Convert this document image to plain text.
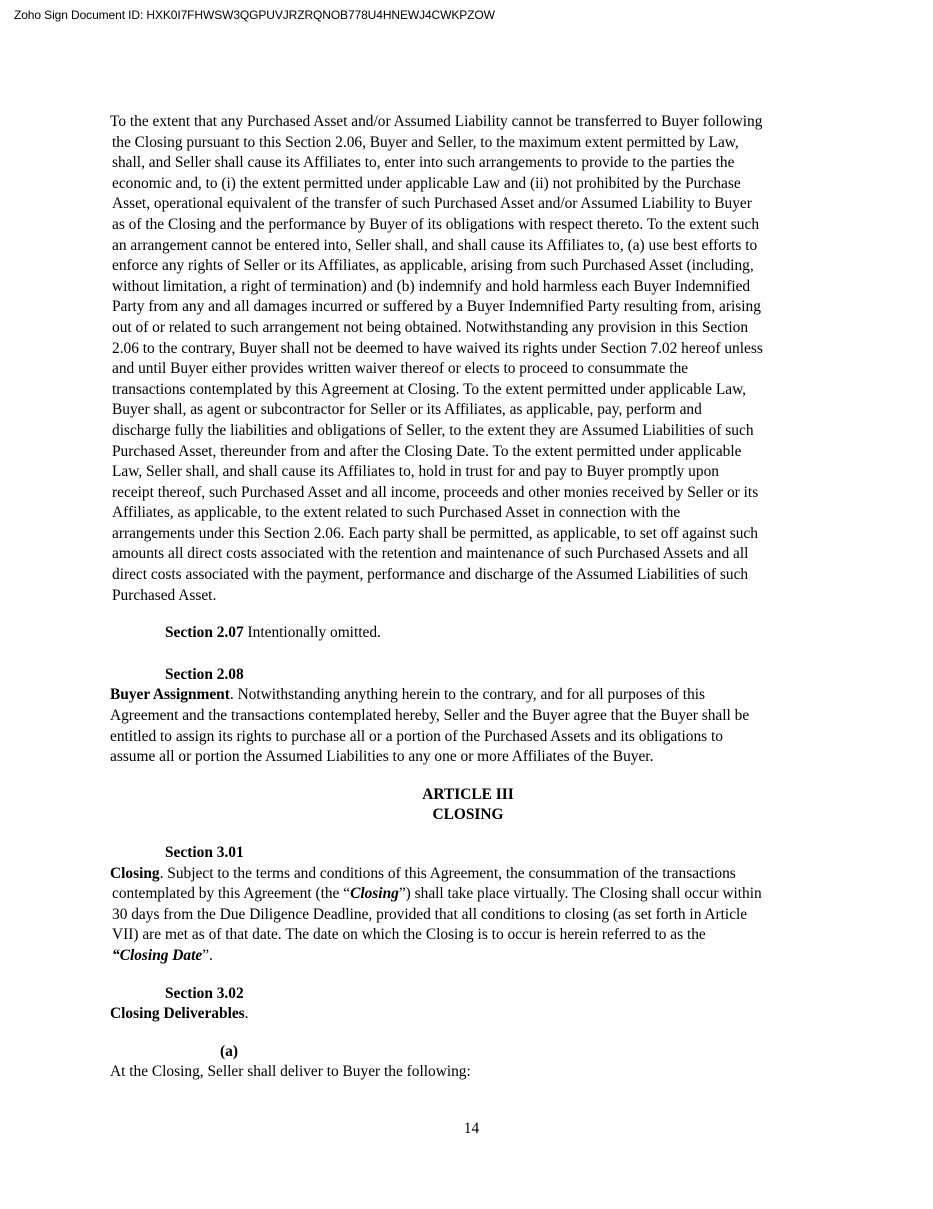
Zoho Sign Document ID: HXK0I7FHWSW3QGPUVJRZRQNOB778U4HNEWJ4CWKPZOW
To the extent that any Purchased Asset and/or Assumed Liability cannot be transferred to Buyer following
the Closing pursuant to this Section 2.06, Buyer and Seller, to the maximum extent permitted by Law,
shall, and Seller shall cause its Affiliates to, enter into such arrangements to provide to the parties the
economic and, to (i) the extent permitted under applicable Law and (ii) not prohibited by the Purchase
Asset, operational equivalent of the transfer of such Purchased Asset and/or Assumed Liability to Buyer
as of the Closing and the performance by Buyer of its obligations with respect thereto. To the extent such
an arrangement cannot be entered into, Seller shall, and shall cause its Affiliates to, (a) use best efforts to
enforce any rights of Seller or its Affiliates, as applicable, arising from such Purchased Asset (including,
without limitation, a right of termination) and (b) indemnify and hold harmless each Buyer Indemnified
Party from any and all damages incurred or suffered by a Buyer Indemnified Party resulting from, arising
out of or related to such arrangement not being obtained. Notwithstanding any provision in this Section
2.06 to the contrary, Buyer shall not be deemed to have waived its rights under Section 7.02 hereof unless
and until Buyer either provides written waiver thereof or elects to proceed to consummate the
transactions contemplated by this Agreement at Closing. To the extent permitted under applicable Law,
Buyer shall, as agent or subcontractor for Seller or its Affiliates, as applicable, pay, perform and
discharge fully the liabilities and obligations of Seller, to the extent they are Assumed Liabilities of such
Purchased Asset, thereunder from and after the Closing Date. To the extent permitted under applicable
Law, Seller shall, and shall cause its Affiliates to, hold in trust for and pay to Buyer promptly upon
receipt thereof, such Purchased Asset and all income, proceeds and other monies received by Seller or its
Affiliates, as applicable, to the extent related to such Purchased Asset in connection with the
arrangements under this Section 2.06. Each party shall be permitted, as applicable, to set off against such
amounts all direct costs associated with the retention and maintenance of such Purchased Assets and all
direct costs associated with the payment, performance and discharge of the Assumed Liabilities of such
Purchased Asset.
Section 2.07 Intentionally omitted.
Section 2.08
Buyer Assignment. Notwithstanding anything herein to the contrary, and for all purposes of this
Agreement and the transactions contemplated hereby, Seller and the Buyer agree that the Buyer shall be
entitled to assign its rights to purchase all or a portion of the Purchased Assets and its obligations to
assume all or portion the Assumed Liabilities to any one or more Affiliates of the Buyer.
ARTICLE III
CLOSING
Section 3.01
Closing. Subject to the terms and conditions of this Agreement, the consummation of the transactions
contemplated by this Agreement (the “Closing”) shall take place virtually. The Closing shall occur within
30 days from the Due Diligence Deadline, provided that all conditions to closing (as set forth in Article
VII) are met as of that date. The date on which the Closing is to occur is herein referred to as the
“Closing Date”.
Section 3.02
Closing Deliverables.
(a)
At the Closing, Seller shall deliver to Buyer the following:
14
